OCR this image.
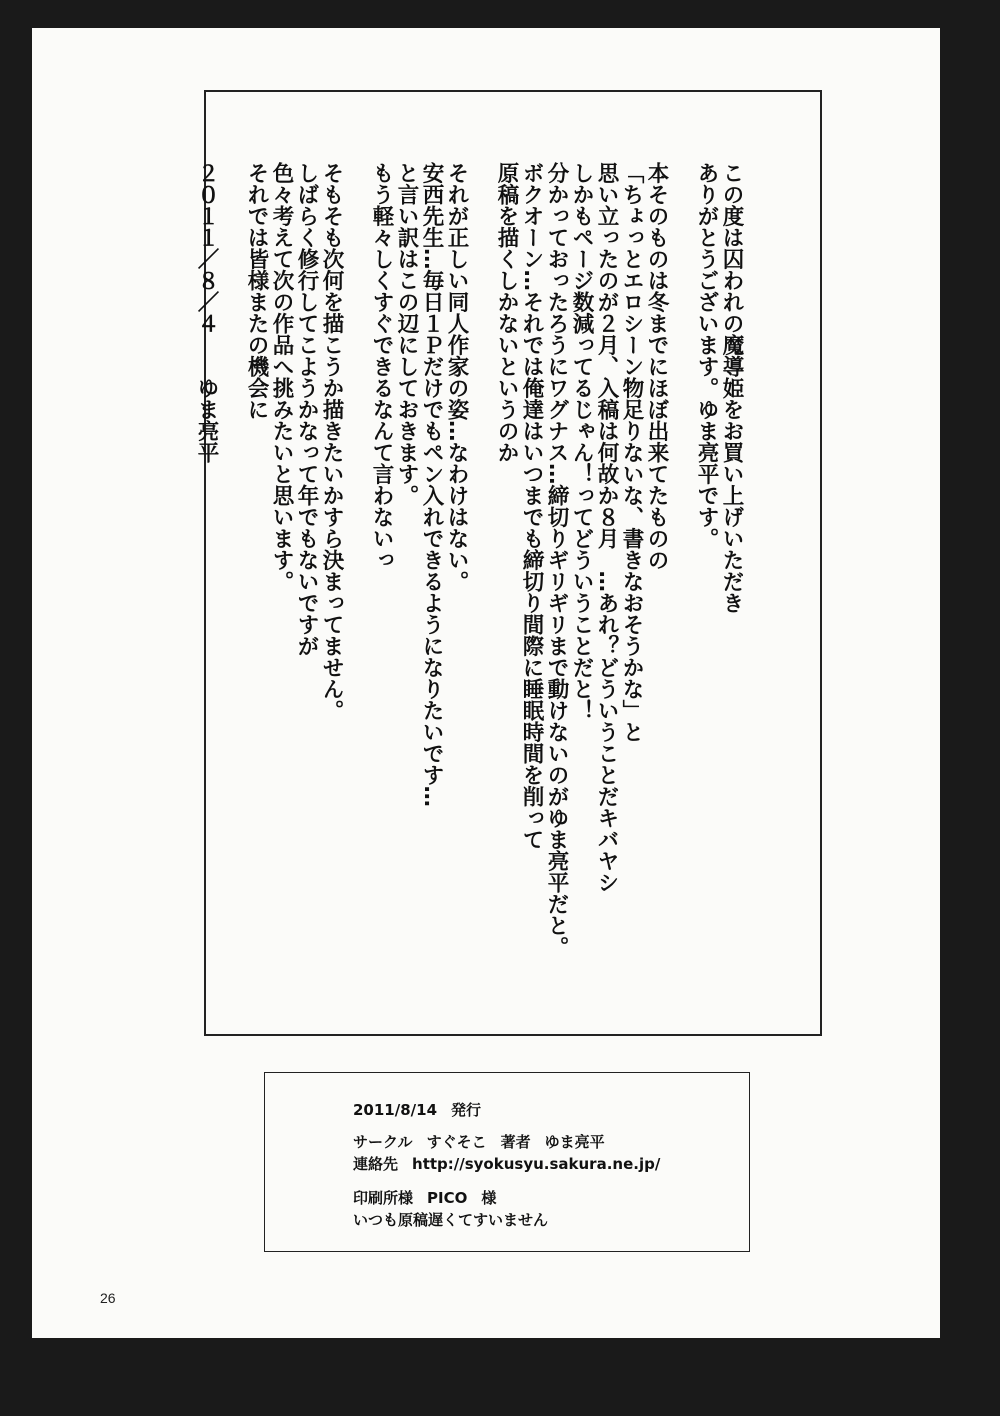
この度は囚われの魔導姫をお買い上げいただき
ありがとうございます。ゆま亮平です。
本そのものは冬までにほぼ出来てたものの
「ちょっとエロシーン物足りないな、書きなおそうかな」と
思い立ったのが２月、入稿は何故か８月　…あれ？どういうことだキバヤシ
しかもページ数減ってるじゃん！ってどういうことだと！
分かっておったろうにワグナス…締切りギリギリまで動けないのがゆま亮平だと。
ボクオーン…それでは俺達はいつまでも締切り間際に睡眠時間を削って
原稿を描くしかないというのか
それが正しい同人作家の姿…なわけはない。
安西先生…毎日１Ｐだけでもペン入れできるようになりたいです…
と言い訳はこの辺にしておきます。
もう軽々しくすぐできるなんて言わないっ
そもそも次何を描こうか描きたいかすら決まってません。
しばらく修行してこようかなって年でもないですが
色々考えて次の作品へ挑みたいと思います。
それでは皆様またの機会に
２０１１／８／４　　ゆま亮平
2011/8/14 発行
サークル すぐそこ 著者 ゆま亮平
連絡先 http://syokusyu.sakura.ne.jp/
印刷所様 PICO 様
いつも原稿遅くてすいません
26
